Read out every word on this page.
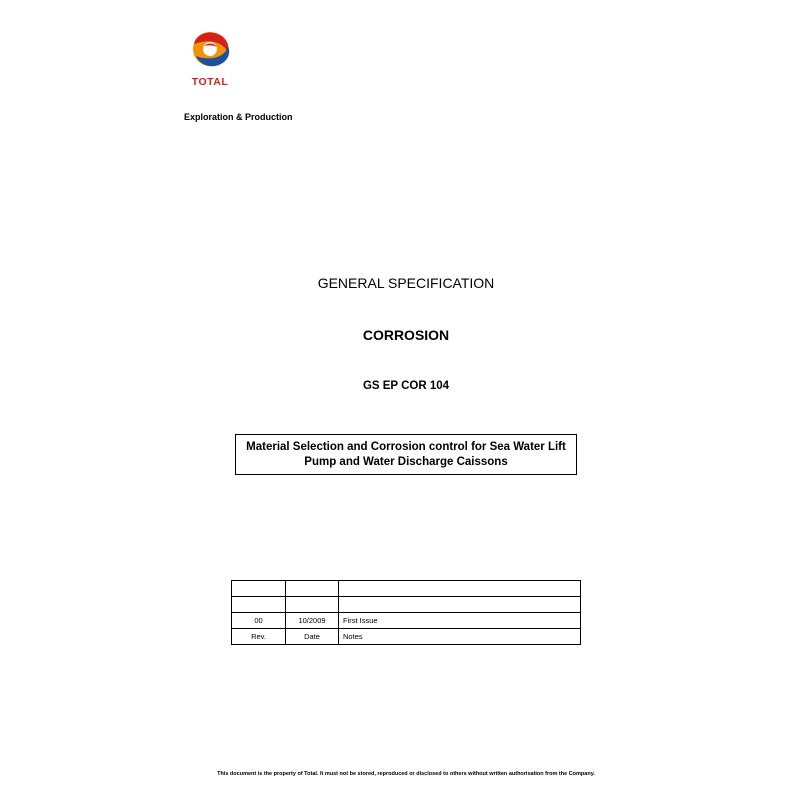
TOTAL
Exploration & Production
GENERAL SPECIFICATION
CORROSION
GS EP COR 104
Material Selection and Corrosion control for Sea Water Lift Pump and Water Discharge Caissons

00	10/2009	First Issue
Rev.	Date	Notes
This document is the property of Total. It must not be stored, reproduced or disclosed to others without written authorisation from the Company.
